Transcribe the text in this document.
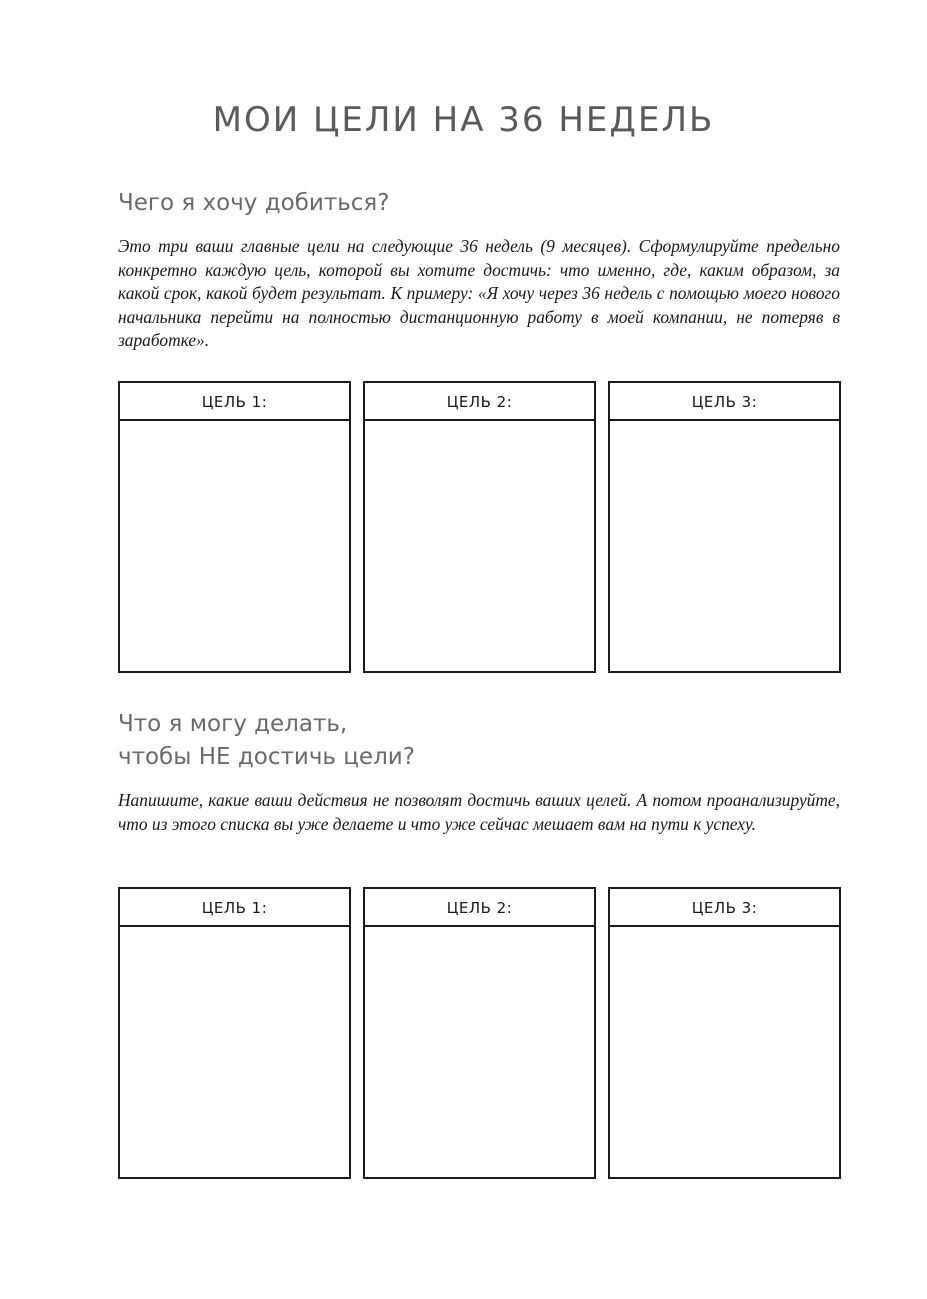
МОИ ЦЕЛИ НА 36 НЕДЕЛЬ
Чего я хочу добиться?

Это три ваши главные цели на следующие 36 недель (9 месяцев). Сформулируйте предельно конкретно каждую цель, которой вы хотите достичь: что именно, где, каким образом, за какой срок, какой будет результат. К примеру: «Я хочу через 36 недель с помощью моего нового начальника перейти на полностью дистанционную работу в моей компании, не потеряв в заработке».

ЦЕЛЬ 1:	ЦЕЛЬ 2:	ЦЕЛЬ 3:
Что я могу делать,
чтобы НЕ достичь цели?

Напишите, какие ваши действия не позволят достичь ваших целей. А потом проанализируйте, что из этого списка вы уже делаете и что уже сейчас мешает вам на пути к успеху.

ЦЕЛЬ 1:	ЦЕЛЬ 2:	ЦЕЛЬ 3:
